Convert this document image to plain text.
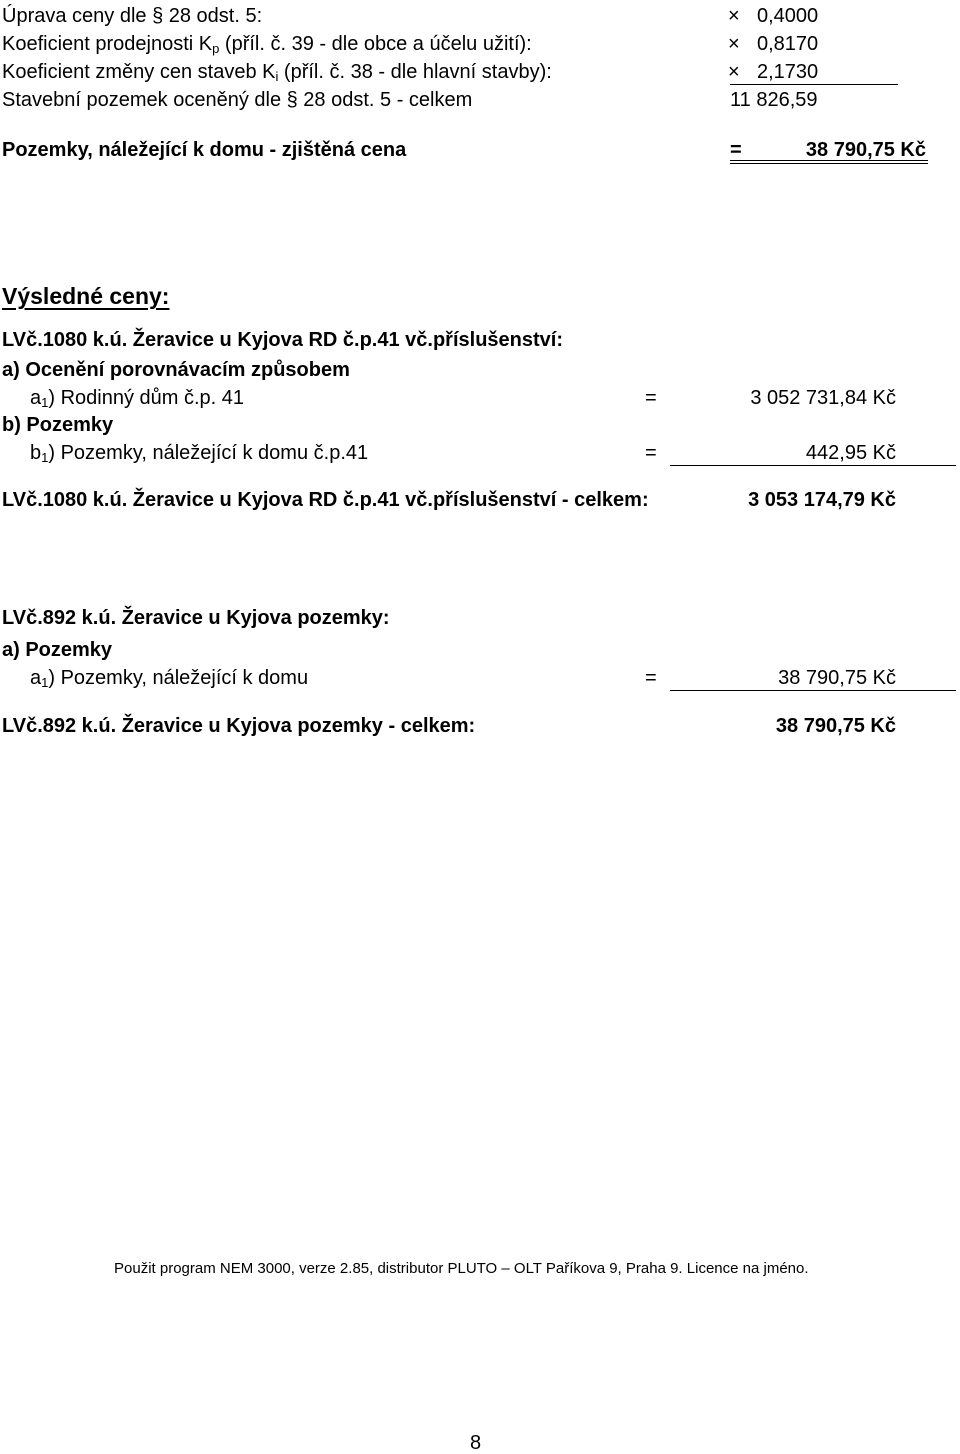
Úprava ceny dle § 28 odst. 5:	× 0,4000
Koeficient prodejnosti $K_p$ (příl. č. 39 - dle obce a účelu užití):	× 0,8170
Koeficient změny cen staveb $K_i$ (příl. č. 38 - dle hlavní stavby):	× 2,1730
Stavební pozemek oceněný dle § 28 odst. 5 - celkem	11 826,59
Pozemky, náležející k domu - zjištěná cena	=	38 790,75 Kč
Výsledné ceny:
LVč.1080 k.ú. Žeravice u Kyjova RD č.p.41 vč.příslušenství:
a) Ocenění porovnávacím způsobem
$a_1$) Rodinný dům č.p. 41	=	3 052 731,84 Kč
b) Pozemky
$b_1$) Pozemky, náležející k domu č.p.41	=	442,95 Kč
LVč.1080 k.ú. Žeravice u Kyjova RD č.p.41 vč.příslušenství - celkem:	3 053 174,79 Kč
LVč.892 k.ú. Žeravice u Kyjova pozemky:
a) Pozemky
$a_1$) Pozemky, náležející k domu	=	38 790,75 Kč
LVč.892 k.ú. Žeravice u Kyjova pozemky - celkem:	38 790,75 Kč
Použit program NEM 3000, verze 2.85, distributor PLUTO – OLT Paříkova 9, Praha 9. Licence na jméno.
8
